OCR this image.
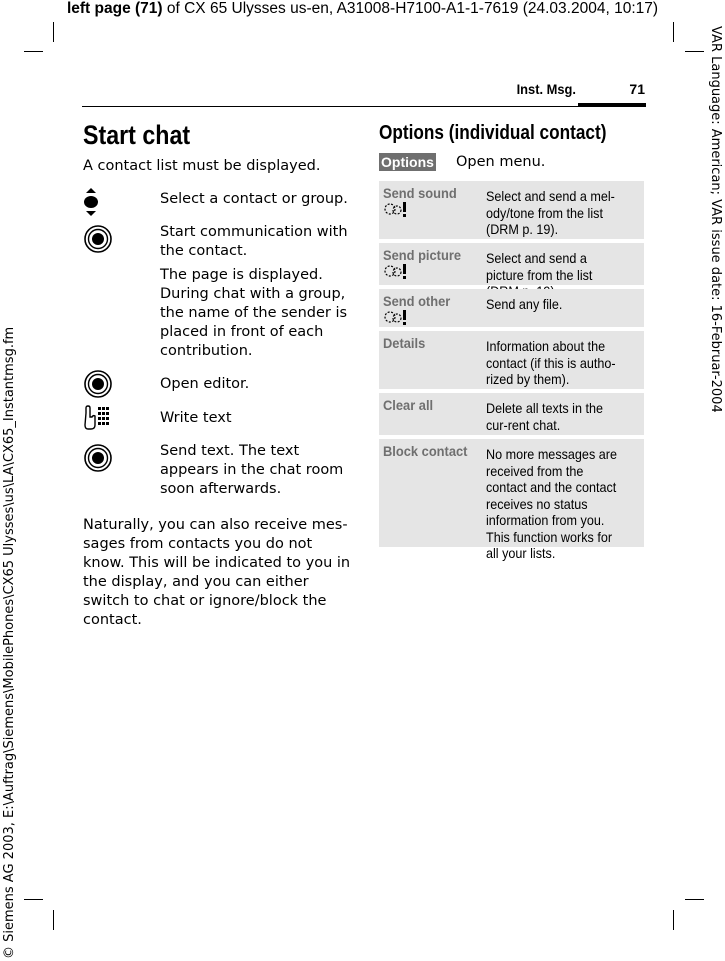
left page (71) of CX 65 Ulysses us-en, A31008-H7100-A1-1-7619 (24.03.2004, 10:17)
© Siemens AG 2003, E:\Auftrag\Siemens\MobilePhones\CX65 Ulysses\us\LA\CX65_Instantmsg.fm
VAR Language: American; VAR issue date: 16-Februar-2004
Inst. Msg.	71
Start chat
A contact list must be displayed.
Select a contact or group.
Start communication with the contact.
The page is displayed. During chat with a group, the name of the sender is placed in front of each contribution.
Open editor.
Write text
Send text. The text appears in the chat room soon afterwards.
Naturally, you can also receive mes-sages from contacts you do not know. This will be indicated to you in the display, and you can either switch to chat or ignore/block the contact.
Options (individual contact)
Options Open menu.
Send sound	Select and send a mel-ody/tone from the list (DRM p. 19).
Send picture	Select and send a picture from the list
Send other	Send any file.
Details	Information about the contact (if this is autho-rized by them).
Clear all	Delete all texts in the cur-rent chat.
Block contact	No more messages are received from the contact and the contact receives no status information from you. This function works for all your lists.
